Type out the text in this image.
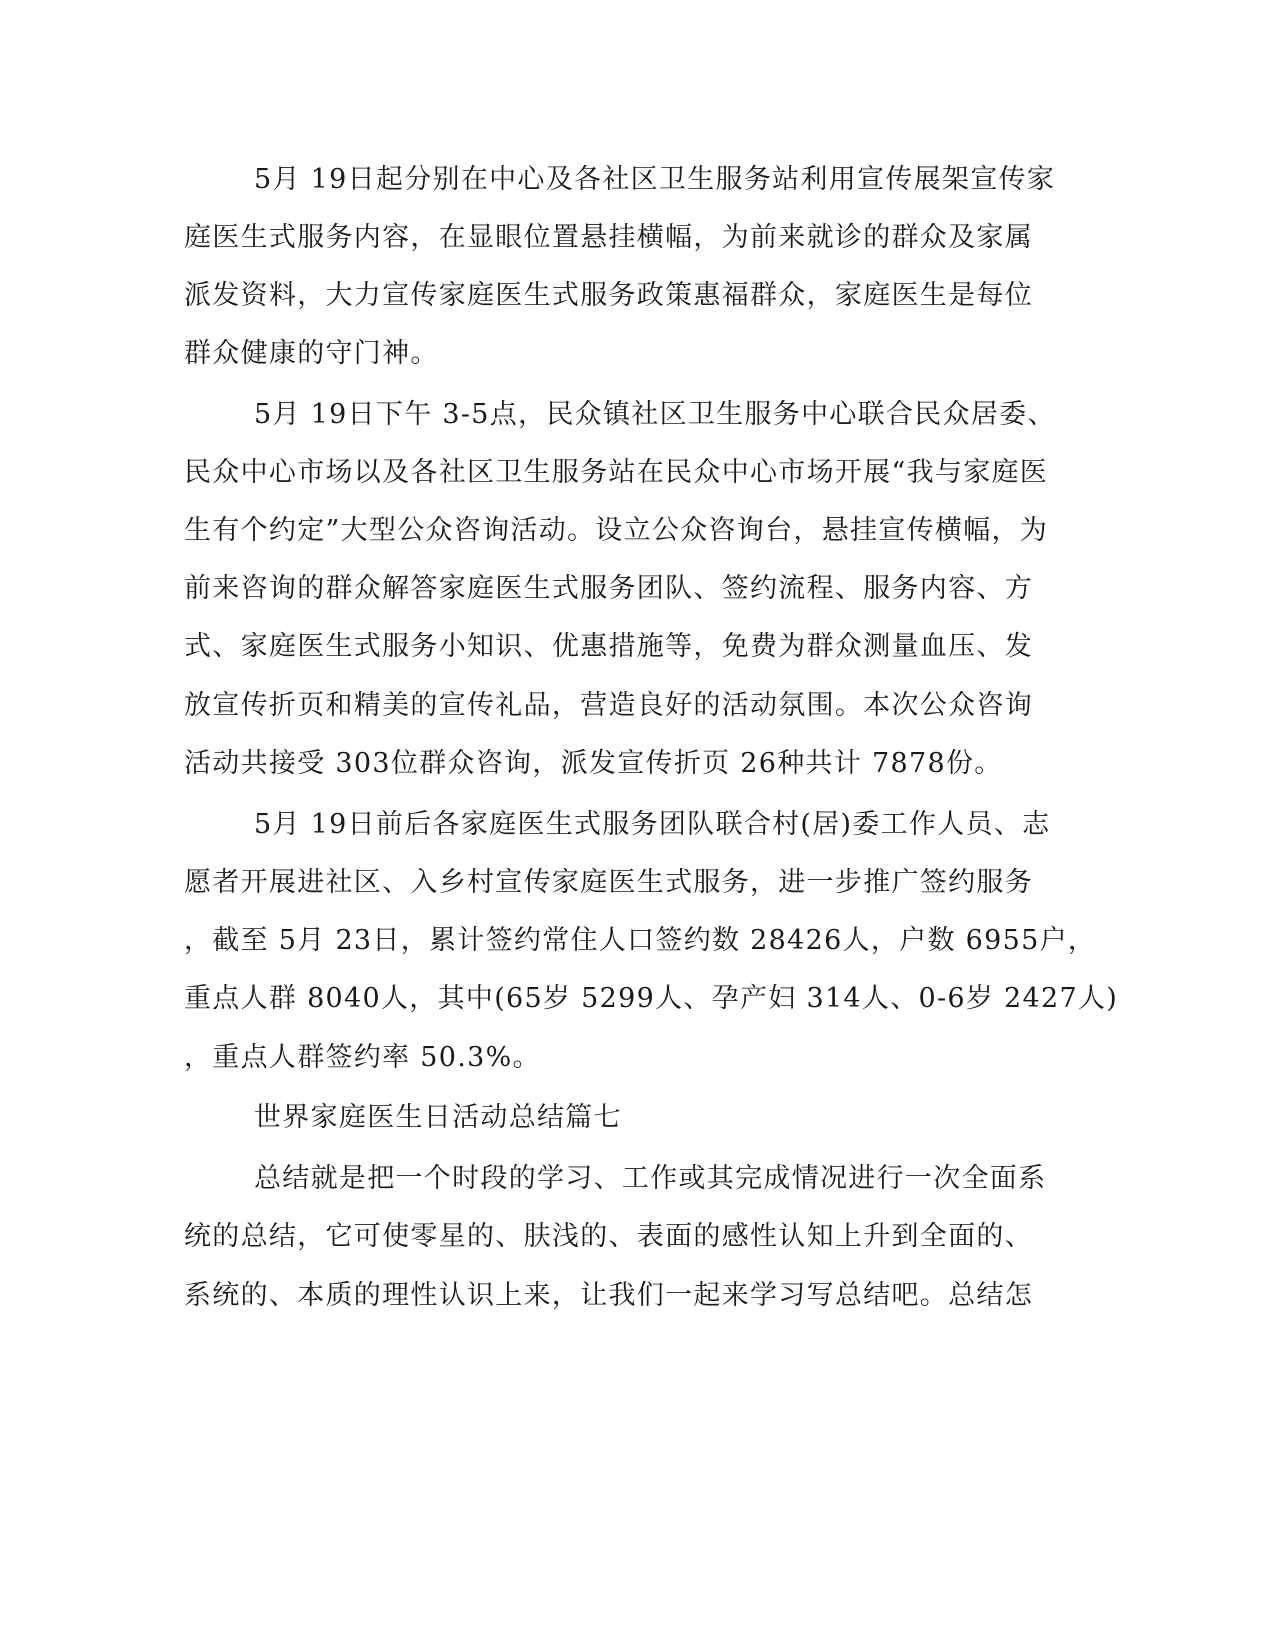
5月 19日起分别在中心及各社区卫生服务站利用宣传展架宣传家
庭医生式服务内容，在显眼位置悬挂横幅，为前来就诊的群众及家属
派发资料，大力宣传家庭医生式服务政策惠福群众，家庭医生是每位
群众健康的守门神。
5月 19日下午 3-5点，民众镇社区卫生服务中心联合民众居委、
民众中心市场以及各社区卫生服务站在民众中心市场开展“我与家庭医
生有个约定”大型公众咨询活动。设立公众咨询台，悬挂宣传横幅，为
前来咨询的群众解答家庭医生式服务团队、签约流程、服务内容、方
式、家庭医生式服务小知识、优惠措施等，免费为群众测量血压、发
放宣传折页和精美的宣传礼品，营造良好的活动氛围。本次公众咨询
活动共接受 303位群众咨询，派发宣传折页 26种共计 7878份。
5月 19日前后各家庭医生式服务团队联合村(居)委工作人员、志
愿者开展进社区、入乡村宣传家庭医生式服务，进一步推广签约服务
，截至 5月 23日，累计签约常住人口签约数 28426人，户数 6955户，
重点人群 8040人，其中(65岁 5299人、孕产妇 314人、0-6岁 2427人)
，重点人群签约率 50.3%。
世界家庭医生日活动总结篇七
总结就是把一个时段的学习、工作或其完成情况进行一次全面系
统的总结，它可使零星的、肤浅的、表面的感性认知上升到全面的、
系统的、本质的理性认识上来，让我们一起来学习写总结吧。总结怎
